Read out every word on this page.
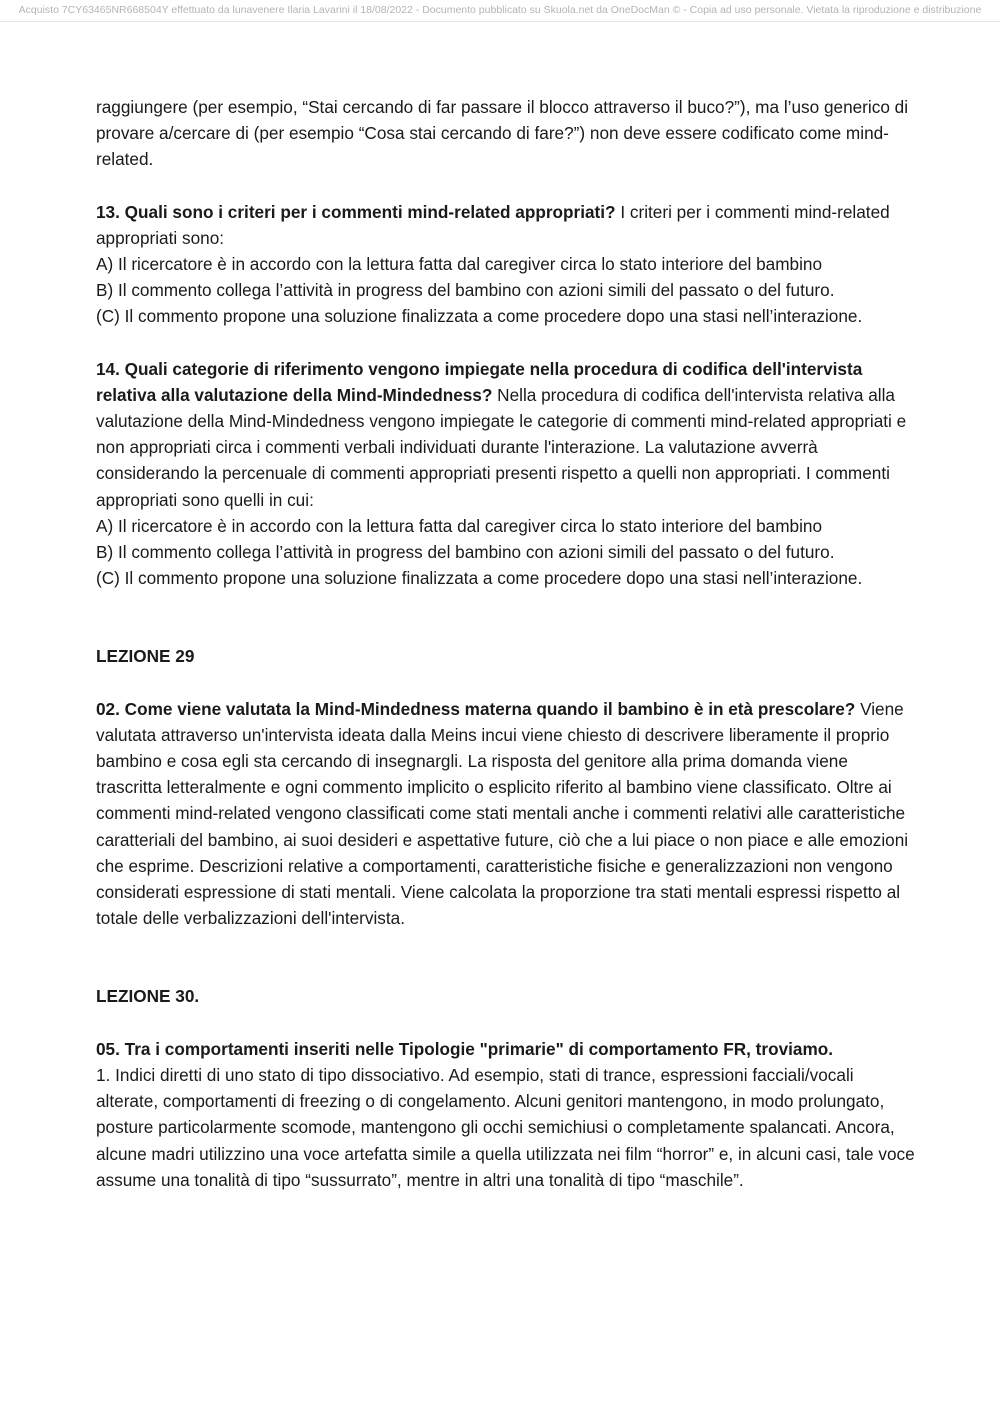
Acquisto 7CY63465NR668504Y effettuato da lunavenere Ilaria Lavarini il 18/08/2022 - Documento pubblicato su Skuola.net da OneDocMan © - Copia ad uso personale. Vietata la riproduzione e distribuzione

raggiungere (per esempio, “Stai cercando di far passare il blocco attraverso il buco?”), ma l’uso generico di provare a/cercare di (per esempio “Cosa stai cercando di fare?”) non deve essere codificato come mind-related.

13. Quali sono i criteri per i commenti mind-related appropriati? I criteri per i commenti mind-related appropriati sono:

A) Il ricercatore è in accordo con la lettura fatta dal caregiver circa lo stato interiore del bambino

B) Il commento collega l’attività in progress del bambino con azioni simili del passato o del futuro.

(C) Il commento propone una soluzione finalizzata a come procedere dopo una stasi nell’interazione.

14. Quali categorie di riferimento vengono impiegate nella procedura di codifica dell'intervista relativa alla valutazione della Mind-Mindedness? Nella procedura di codifica dell'intervista relativa alla valutazione della Mind-Mindedness vengono impiegate le categorie di commenti mind-related appropriati e non appropriati circa i commenti verbali individuati durante l'interazione. La valutazione avverrà considerando la percenuale di commenti appropriati presenti rispetto a quelli non appropriati. I commenti appropriati sono quelli in cui:

A) Il ricercatore è in accordo con la lettura fatta dal caregiver circa lo stato interiore del bambino

B) Il commento collega l’attività in progress del bambino con azioni simili del passato o del futuro.

(C) Il commento propone una soluzione finalizzata a come procedere dopo una stasi nell’interazione.

LEZIONE 29

02. Come viene valutata la Mind-Mindedness materna quando il bambino è in età prescolare? Viene valutata attraverso un'intervista ideata dalla Meins incui viene chiesto di descrivere liberamente il proprio bambino e cosa egli sta cercando di insegnargli. La risposta del genitore alla prima domanda viene trascritta letteralmente e ogni commento implicito o esplicito riferito al bambino viene classificato. Oltre ai commenti mind-related vengono classificati come stati mentali anche i commenti relativi alle caratteristiche caratteriali del bambino, ai suoi desideri e aspettative future, ciò che a lui piace o non piace e alle emozioni che esprime. Descrizioni relative a comportamenti, caratteristiche fisiche e generalizzazioni non vengono considerati espressione di stati mentali. Viene calcolata la proporzione tra stati mentali espressi rispetto al totale delle verbalizzazioni dell'intervista.

LEZIONE 30.

05. Tra i comportamenti inseriti nelle Tipologie "primarie" di comportamento FR, troviamo.

1. Indici diretti di uno stato di tipo dissociativo. Ad esempio, stati di trance, espressioni facciali/vocali alterate, comportamenti di freezing o di congelamento. Alcuni genitori mantengono, in modo prolungato, posture particolarmente scomode, mantengono gli occhi semichiusi o completamente spalancati. Ancora, alcune madri utilizzino una voce artefatta simile a quella utilizzata nei film “horror” e, in alcuni casi, tale voce assume una tonalità di tipo “sussurrato”, mentre in altri una tonalità di tipo “maschile”.
